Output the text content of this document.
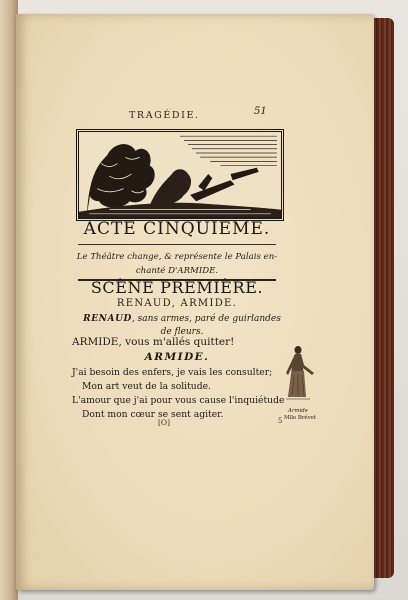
TRAGÉDIE.	51
ACTE CINQUIEME.
Le Théâtre change, & représente le Palais en-
chanté D'ARMIDE.
SCÈNE PREMIÈRE.
RENAUD, ARMIDE.
RENAUD, sans armes, paré de guirlandes
de fleurs.
ARMIDE, vous m'allés quitter!
ARMIDE.
J'ai besoin des enfers, je vais les consulter;
Mon art veut de la solitude.
L'amour que j'ai pour vous cause l'inquiétude
Dont mon cœur se sent agiter.
[O]	5
Armide
Mlle Brévet
